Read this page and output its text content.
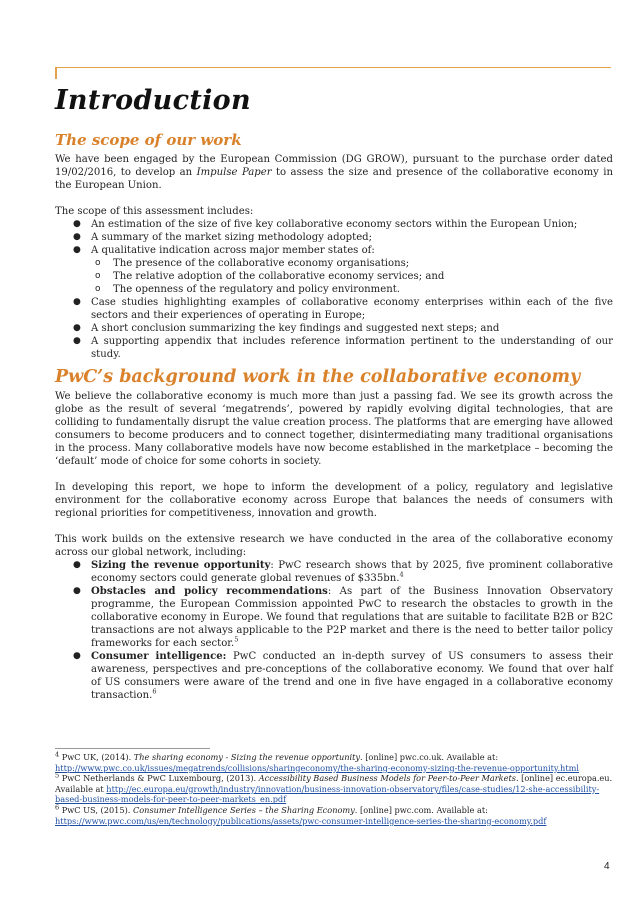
Introduction
The scope of our work

We have been engaged by the European Commission (DG GROW), pursuant to the purchase order dated 19/02/2016, to develop an Impulse Paper to assess the size and presence of the collaborative economy in the European Union.

The scope of this assessment includes:

● An estimation of the size of five key collaborative economy sectors within the European Union;
● A summary of the market sizing methodology adopted;
● A qualitative indication across major member states of:
o The presence of the collaborative economy organisations;
o The relative adoption of the collaborative economy services; and
o The openness of the regulatory and policy environment.
● Case studies highlighting examples of collaborative economy enterprises within each of the five sectors and their experiences of operating in Europe;
● A short conclusion summarizing the key findings and suggested next steps; and
● A supporting appendix that includes reference information pertinent to the understanding of our study.
PwC’s background work in the collaborative economy

We believe the collaborative economy is much more than just a passing fad. We see its growth across the globe as the result of several ‘megatrends’, powered by rapidly evolving digital technologies, that are colliding to fundamentally disrupt the value creation process. The platforms that are emerging have allowed consumers to become producers and to connect together, disintermediating many traditional organisations in the process. Many collaborative models have now become established in the marketplace – becoming the ‘default’ mode of choice for some cohorts in society.

In developing this report, we hope to inform the development of a policy, regulatory and legislative environment for the collaborative economy across Europe that balances the needs of consumers with regional priorities for competitiveness, innovation and growth.

This work builds on the extensive research we have conducted in the area of the collaborative economy across our global network, including:

● Sizing the revenue opportunity: PwC research shows that by 2025, five prominent collaborative economy sectors could generate global revenues of $335bn.$^4$
● Obstacles and policy recommendations: As part of the Business Innovation Observatory programme, the European Commission appointed PwC to research the obstacles to growth in the collaborative economy in Europe. We found that regulations that are suitable to facilitate B2B or B2C transactions are not always applicable to the P2P market and there is the need to better tailor policy frameworks for each sector.$^5$
● Consumer intelligence: PwC conducted an in-depth survey of US consumers to assess their awareness, perspectives and pre-conceptions of the collaborative economy. We found that over half of US consumers were aware of the trend and one in five have engaged in a collaborative economy transaction.$^6$
$^4$ PwC UK, (2014). The sharing economy - Sizing the revenue opportunity. [online] pwc.co.uk. Available at:
http://www.pwc.co.uk/issues/megatrends/collisions/sharingeconomy/the-sharing-economy-sizing-the-revenue-opportunity.html
$^5$ PwC Netherlands & PwC Luxembourg, (2013). Accessibility Based Business Models for Peer-to-Peer Markets. [online] ec.europa.eu.
Available at http://ec.europa.eu/growth/industry/innovation/business-innovation-observatory/files/case-studies/12-she-accessibility-based-business-models-for-peer-to-peer-markets_en.pdf
$^6$ PwC US, (2015). Consumer Intelligence Series – the Sharing Economy. [online] pwc.com. Available at:
https://www.pwc.com/us/en/technology/publications/assets/pwc-consumer-intelligence-series-the-sharing-economy.pdf
4
